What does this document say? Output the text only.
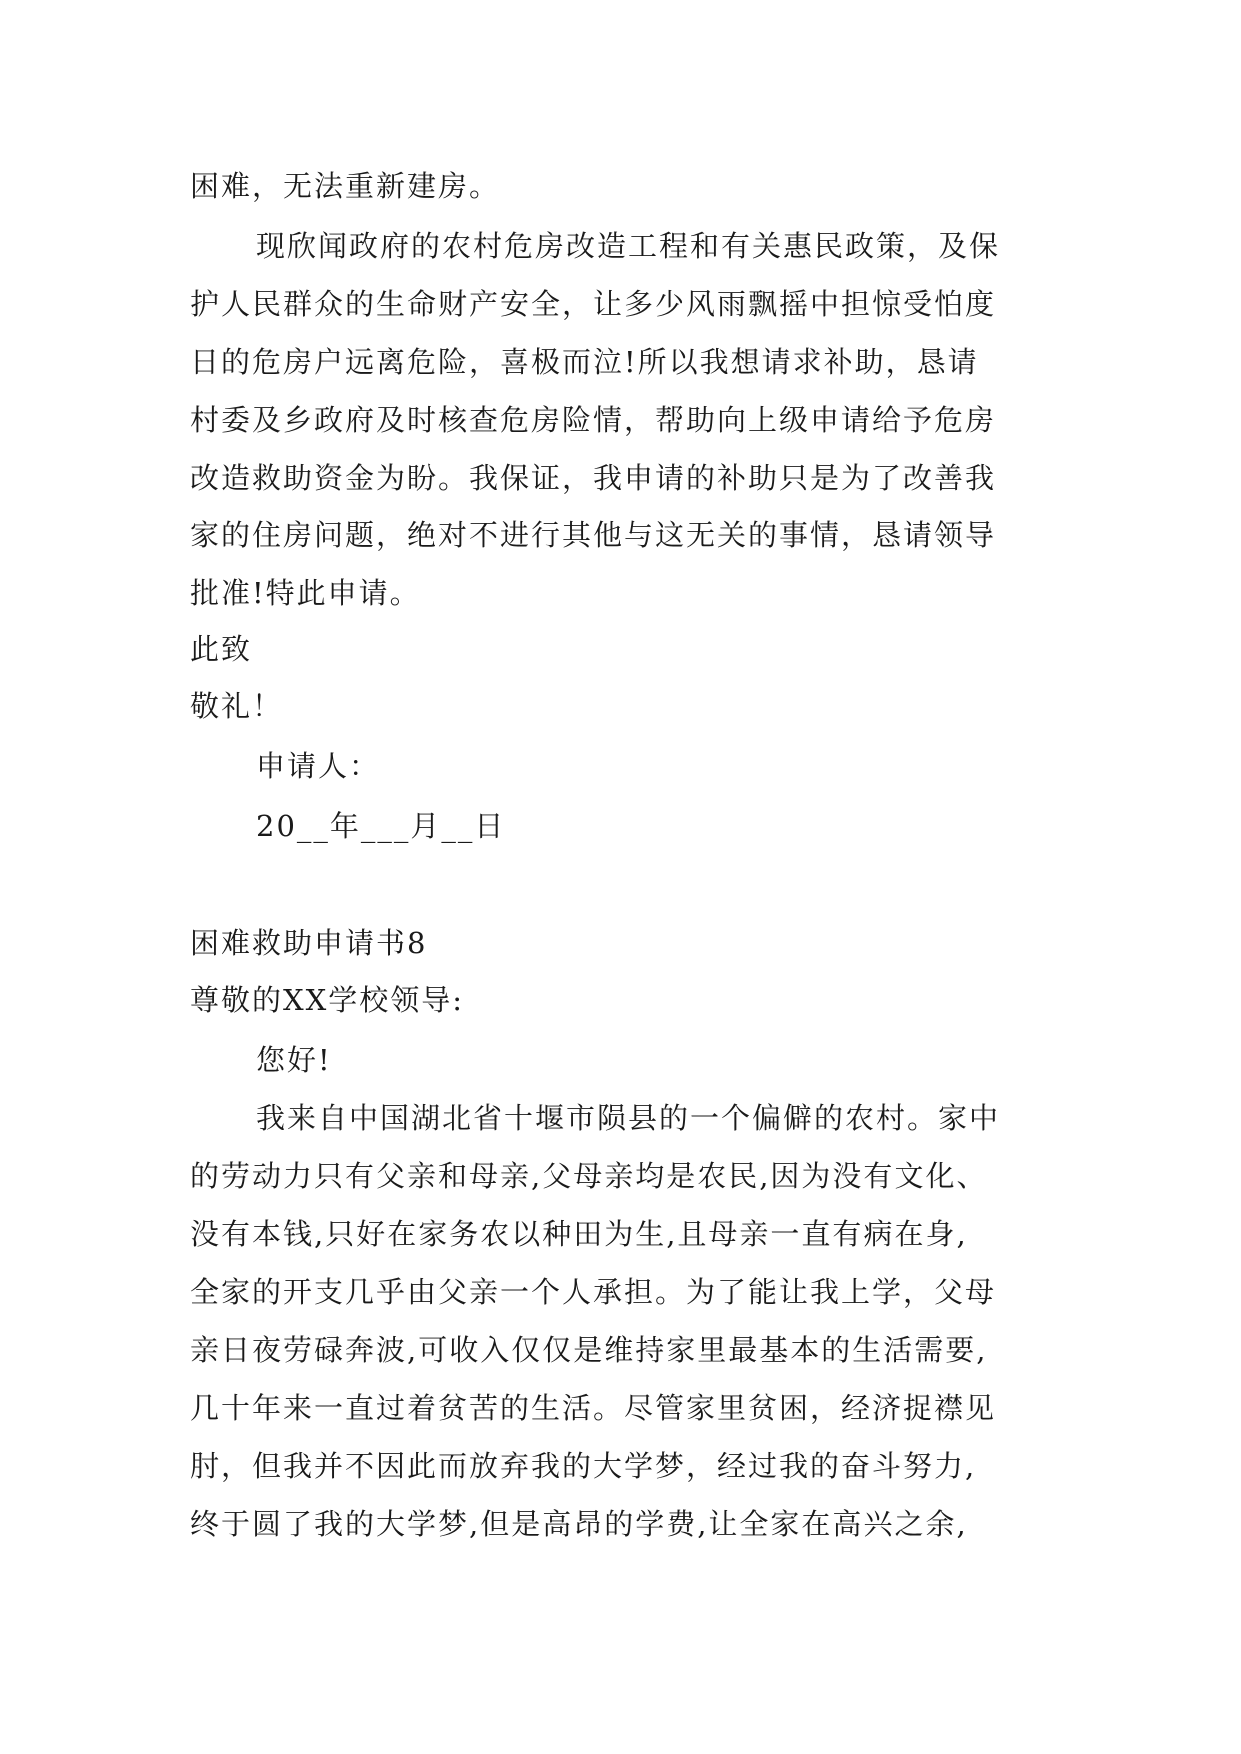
困难，无法重新建房。
现欣闻政府的农村危房改造工程和有关惠民政策，及保
护人民群众的生命财产安全，让多少风雨飘摇中担惊受怕度
日的危房户远离危险，喜极而泣!所以我想请求补助，恳请
村委及乡政府及时核查危房险情，帮助向上级申请给予危房
改造救助资金为盼。我保证，我申请的补助只是为了改善我
家的住房问题，绝对不进行其他与这无关的事情，恳请领导
批准!特此申请。
此致
敬礼！
申请人：
20__年___月__日
困难救助申请书8
尊敬的XX学校领导:
您好!
我来自中国湖北省十堰市陨县的一个偏僻的农村。家中
的劳动力只有父亲和母亲,父母亲均是农民,因为没有文化、
没有本钱,只好在家务农以种田为生,且母亲一直有病在身,
全家的开支几乎由父亲一个人承担。为了能让我上学，父母
亲日夜劳碌奔波,可收入仅仅是维持家里最基本的生活需要,
几十年来一直过着贫苦的生活。尽管家里贫困，经济捉襟见
肘，但我并不因此而放弃我的大学梦，经过我的奋斗努力,
终于圆了我的大学梦,但是高昂的学费,让全家在高兴之余,
